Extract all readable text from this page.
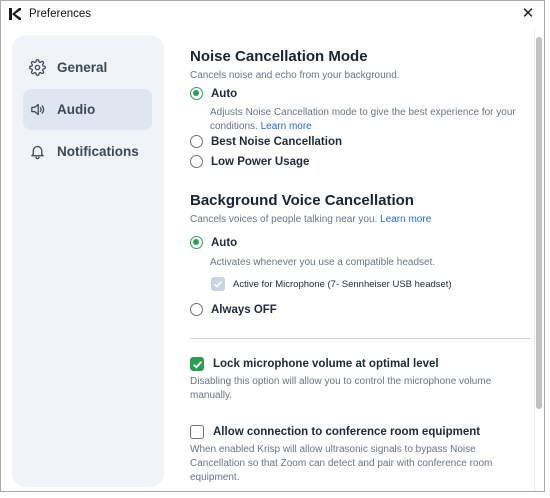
Preferences	✕
General
Audio
Notifications
Noise Cancellation Mode
Cancels noise and echo from your background.
Auto
Adjusts Noise Cancellation mode to give the best experience for your
conditions. Learn more
Best Noise Cancellation
Low Power Usage
Background Voice Cancellation
Cancels voices of people talking near you. Learn more
Auto
Activates whenever you use a compatible headset.
Active for Microphone (7- Sennheiser USB headset)
Always OFF
Lock microphone volume at optimal level
Disabling this option will allow you to control the microphone volume
manually.
Allow connection to conference room equipment
When enabled Krisp will allow ultrasonic signals to bypass Noise
Cancellation so that Zoom can detect and pair with conference room
equipment.
